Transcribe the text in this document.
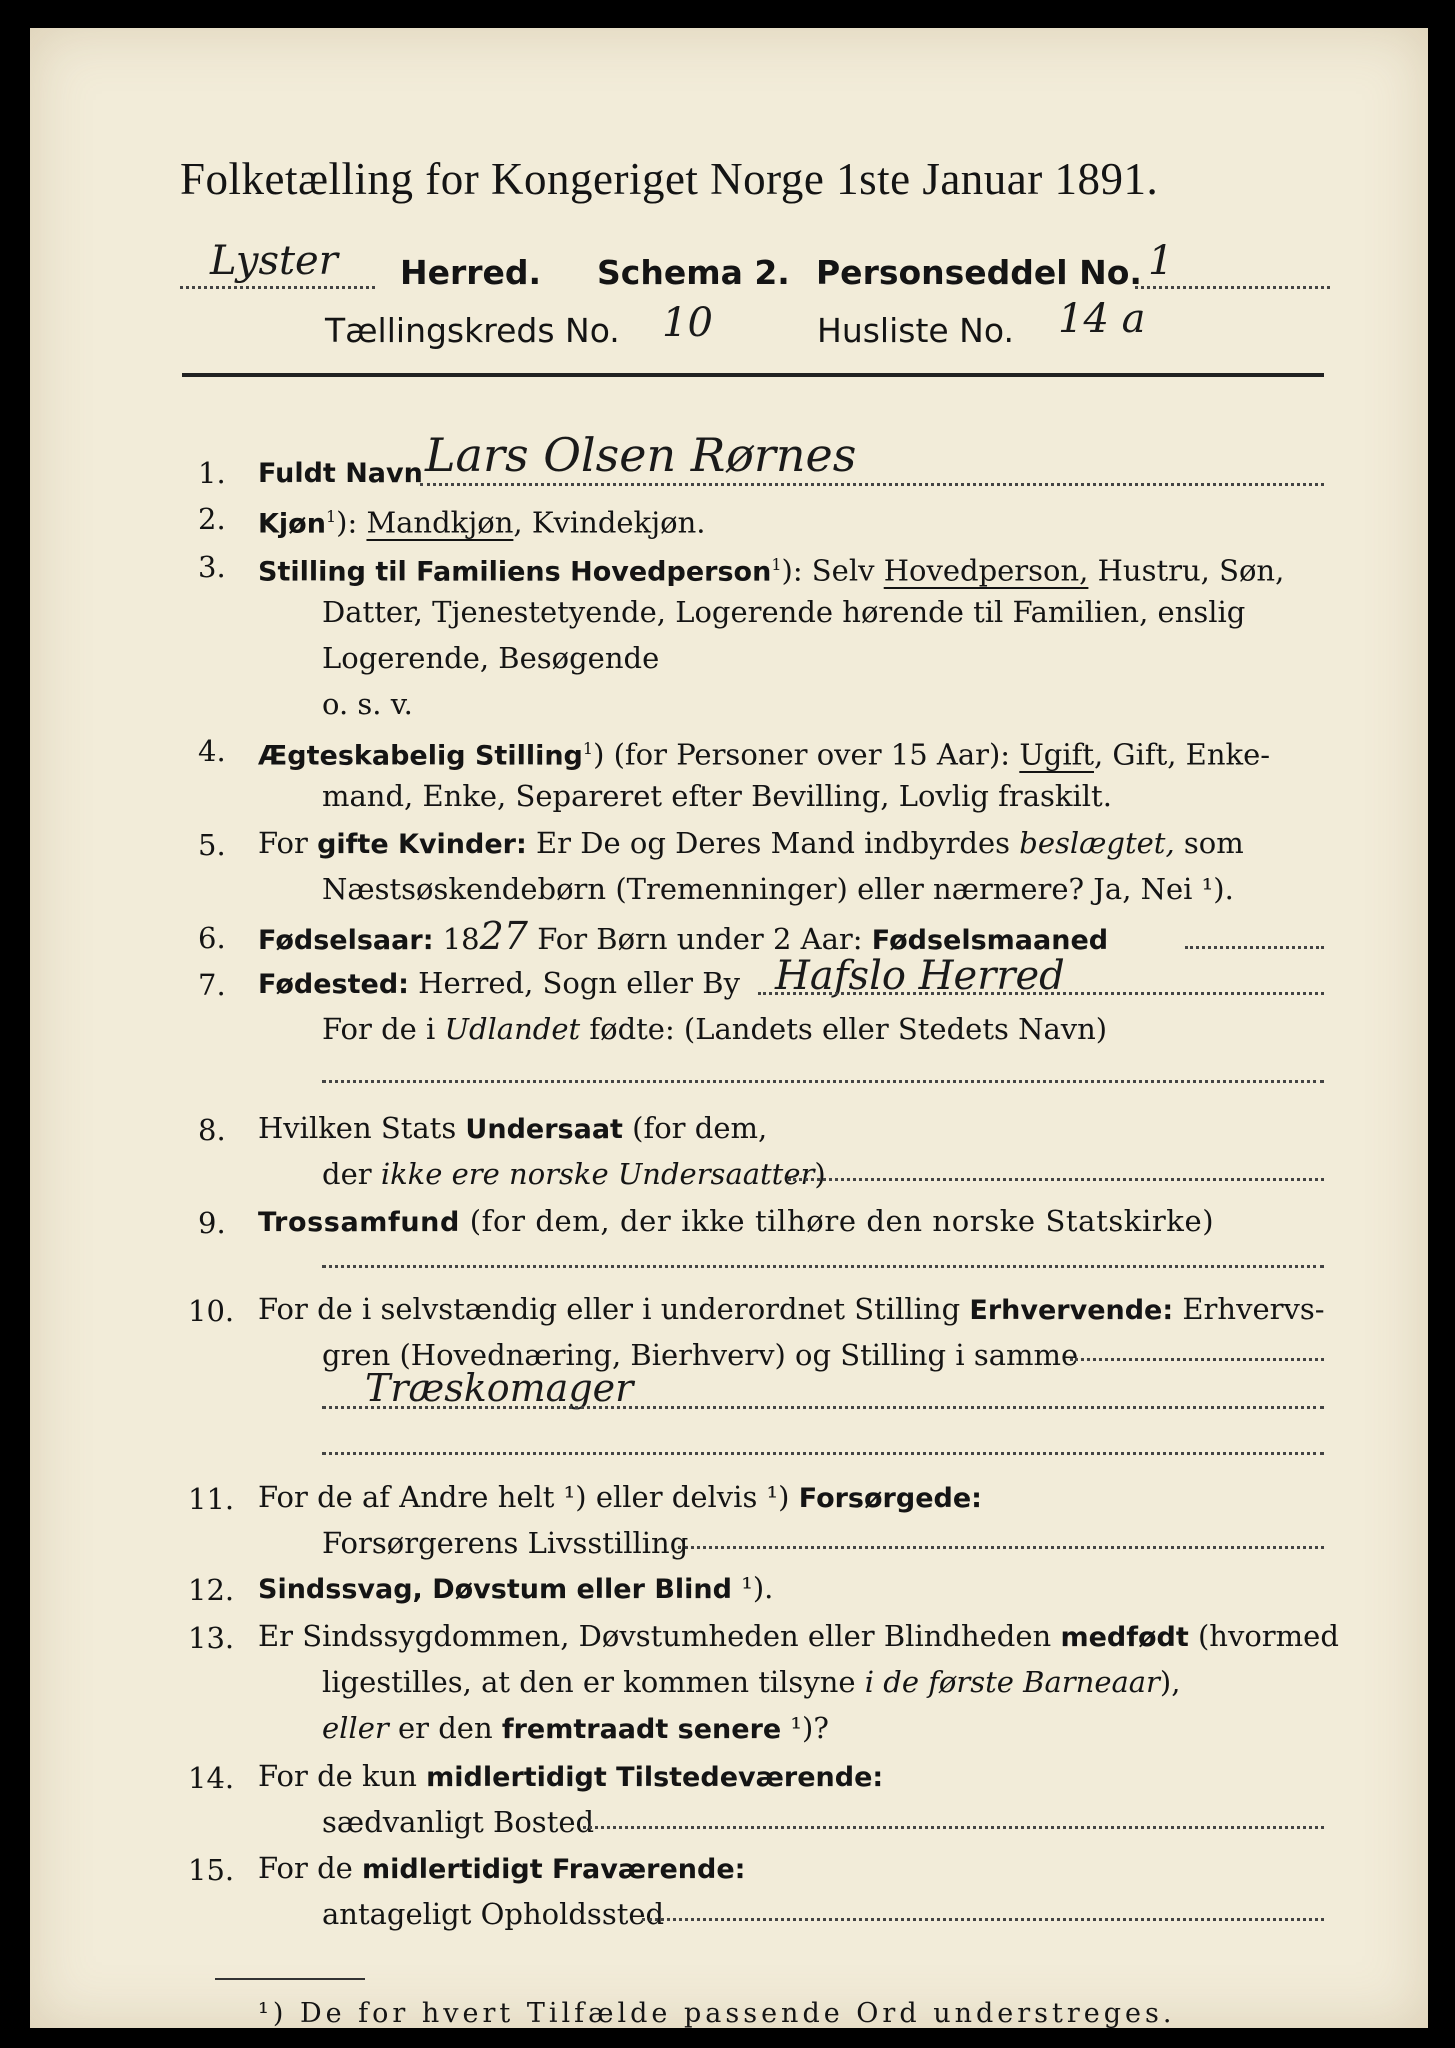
Folketælling for Kongeriget Norge 1ste Januar 1891.
Lyster Herred. Schema 2. Personseddel No. 1
Tællingskreds No. 10	Husliste No. 14 a
1. Fuldt Navn Lars Olsen Rørnes
2. Kjøn$^1$): Mandkjøn, Kvindekjøn.
3. Stilling til Familiens Hovedperson$^1$): Selv Hovedperson, Hustru, Søn,
Datter, Tjenestetyende, Logerende hørende til Familien, enslig
Logerende, Besøgende
o. s. v.
4. Ægteskabelig Stilling$^1$) (for Personer over 15 Aar): Ugift, Gift, Enke-
mand, Enke, Separeret efter Bevilling, Lovlig fraskilt.
5. For gifte Kvinder: Er De og Deres Mand indbyrdes beslægtet, som
Næstsøskendebørn (Tremenninger) eller nærmere? Ja, Nei ¹).
6. Fødselsaar: 1827 For Børn under 2 Aar: Fødselsmaaned
7. Fødested: Herred, Sogn eller By Hafslo Herred
For de i Udlandet fødte: (Landets eller Stedets Navn)
8. Hvilken Stats Undersaat (for dem,
der ikke ere norske Undersaatter)
9. Trossamfund (for dem, der ikke tilhøre den norske Statskirke)
10. For de i selvstændig eller i underordnet Stilling Erhvervende: Erhvervs-
gren (Hovednæring, Bierhverv) og Stilling i samme
Træskomager
11. For de af Andre helt ¹) eller delvis ¹) Forsørgede:
Forsørgerens Livsstilling
12. Sindssvag, Døvstum eller Blind ¹).
13. Er Sindssygdommen, Døvstumheden eller Blindheden medfødt (hvormed
ligestilles, at den er kommen tilsyne i de første Barneaar),
eller er den fremtraadt senere ¹)?
14. For de kun midlertidigt Tilstedeværende:
sædvanligt Bosted
15. For de midlertidigt Fraværende:
antageligt Opholdssted
¹) De for hvert Tilfælde passende Ord understreges.
